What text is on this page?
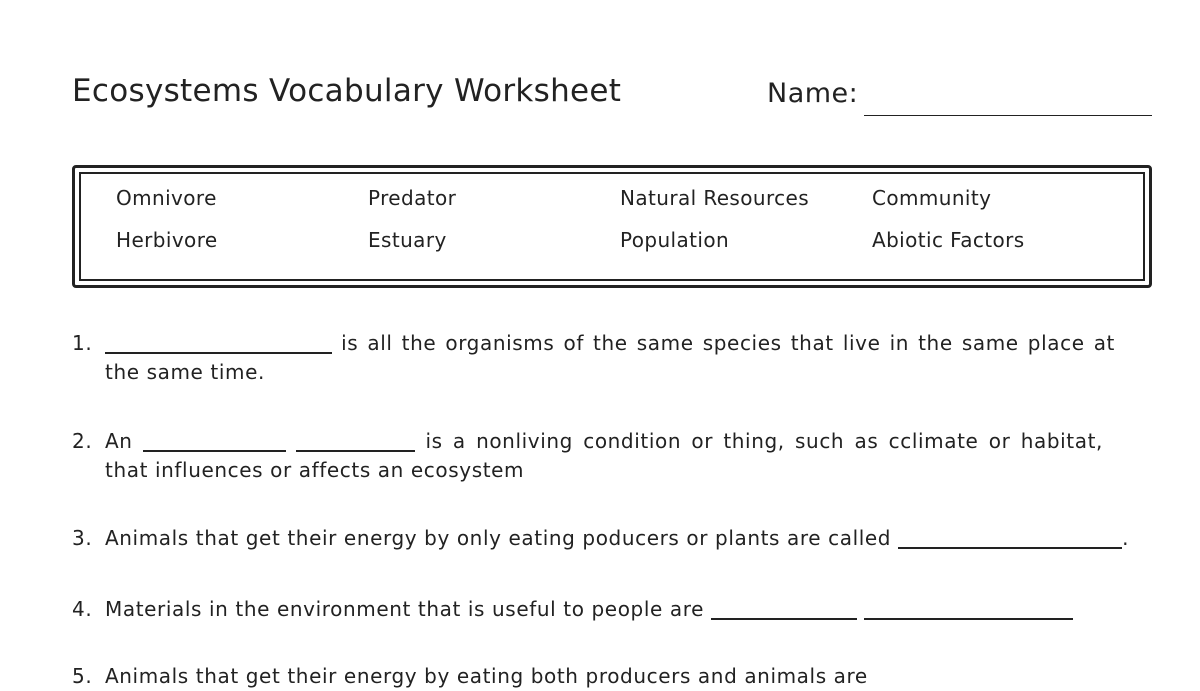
Ecosystems Vocabulary Worksheet	Name:
Omnivore	Predator	Natural Resources	Community
Herbivore	Estuary	Population	Abiotic Factors
1.	is all the organisms of the same species that live in the same place at the same time.
2. An	is a nonliving condition or thing, such as cclimate or habitat, that influences or affects an ecosystem
3. Animals that get their energy by only eating poducers or plants are called	.
4. Materials in the environment that is useful to people are
5. Animals that get their energy by eating both producers and animals are
